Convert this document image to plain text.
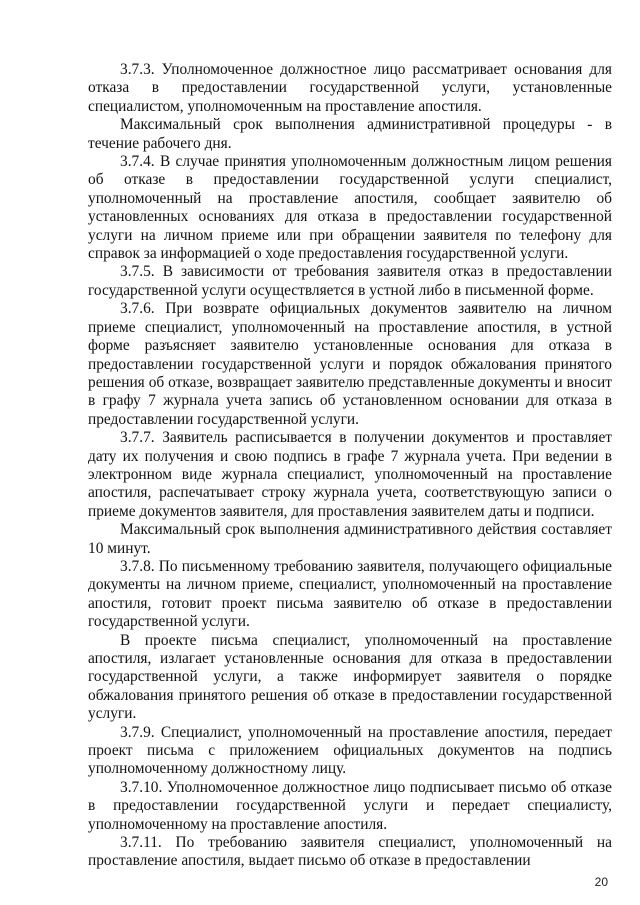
3.7.3. Уполномоченное должностное лицо рассматривает основания для отказа в предоставлении государственной услуги, установленные специалистом, уполномоченным на проставление апостиля.

Максимальный срок выполнения административной процедуры - в течение рабочего дня.

3.7.4. В случае принятия уполномоченным должностным лицом решения об отказе в предоставлении государственной услуги специалист, уполномоченный на проставление апостиля, сообщает заявителю об установленных основаниях для отказа в предоставлении государственной услуги на личном приеме или при обращении заявителя по телефону для справок за информацией о ходе предоставления государственной услуги.

3.7.5. В зависимости от требования заявителя отказ в предоставлении государственной услуги осуществляется в устной либо в письменной форме.

3.7.6. При возврате официальных документов заявителю на личном приеме специалист, уполномоченный на проставление апостиля, в устной форме разъясняет заявителю установленные основания для отказа в предоставлении государственной услуги и порядок обжалования принятого решения об отказе, возвращает заявителю представленные документы и вносит в графу 7 журнала учета запись об установленном основании для отказа в предоставлении государственной услуги.

3.7.7. Заявитель расписывается в получении документов и проставляет дату их получения и свою подпись в графе 7 журнала учета. При ведении в электронном виде журнала специалист, уполномоченный на проставление апостиля, распечатывает строку журнала учета, соответствующую записи о приеме документов заявителя, для проставления заявителем даты и подписи.

Максимальный срок выполнения административного действия составляет 10 минут.

3.7.8. По письменному требованию заявителя, получающего официальные документы на личном приеме, специалист, уполномоченный на проставление апостиля, готовит проект письма заявителю об отказе в предоставлении государственной услуги.

В проекте письма специалист, уполномоченный на проставление апостиля, излагает установленные основания для отказа в предоставлении государственной услуги, а также информирует заявителя о порядке обжалования принятого решения об отказе в предоставлении государственной услуги.

3.7.9. Специалист, уполномоченный на проставление апостиля, передает проект письма с приложением официальных документов на подпись уполномоченному должностному лицу.

3.7.10. Уполномоченное должностное лицо подписывает письмо об отказе в предоставлении государственной услуги и передает специалисту, уполномоченному на проставление апостиля.

3.7.11. По требованию заявителя специалист, уполномоченный на проставление апостиля, выдает письмо об отказе в предоставлении

20
